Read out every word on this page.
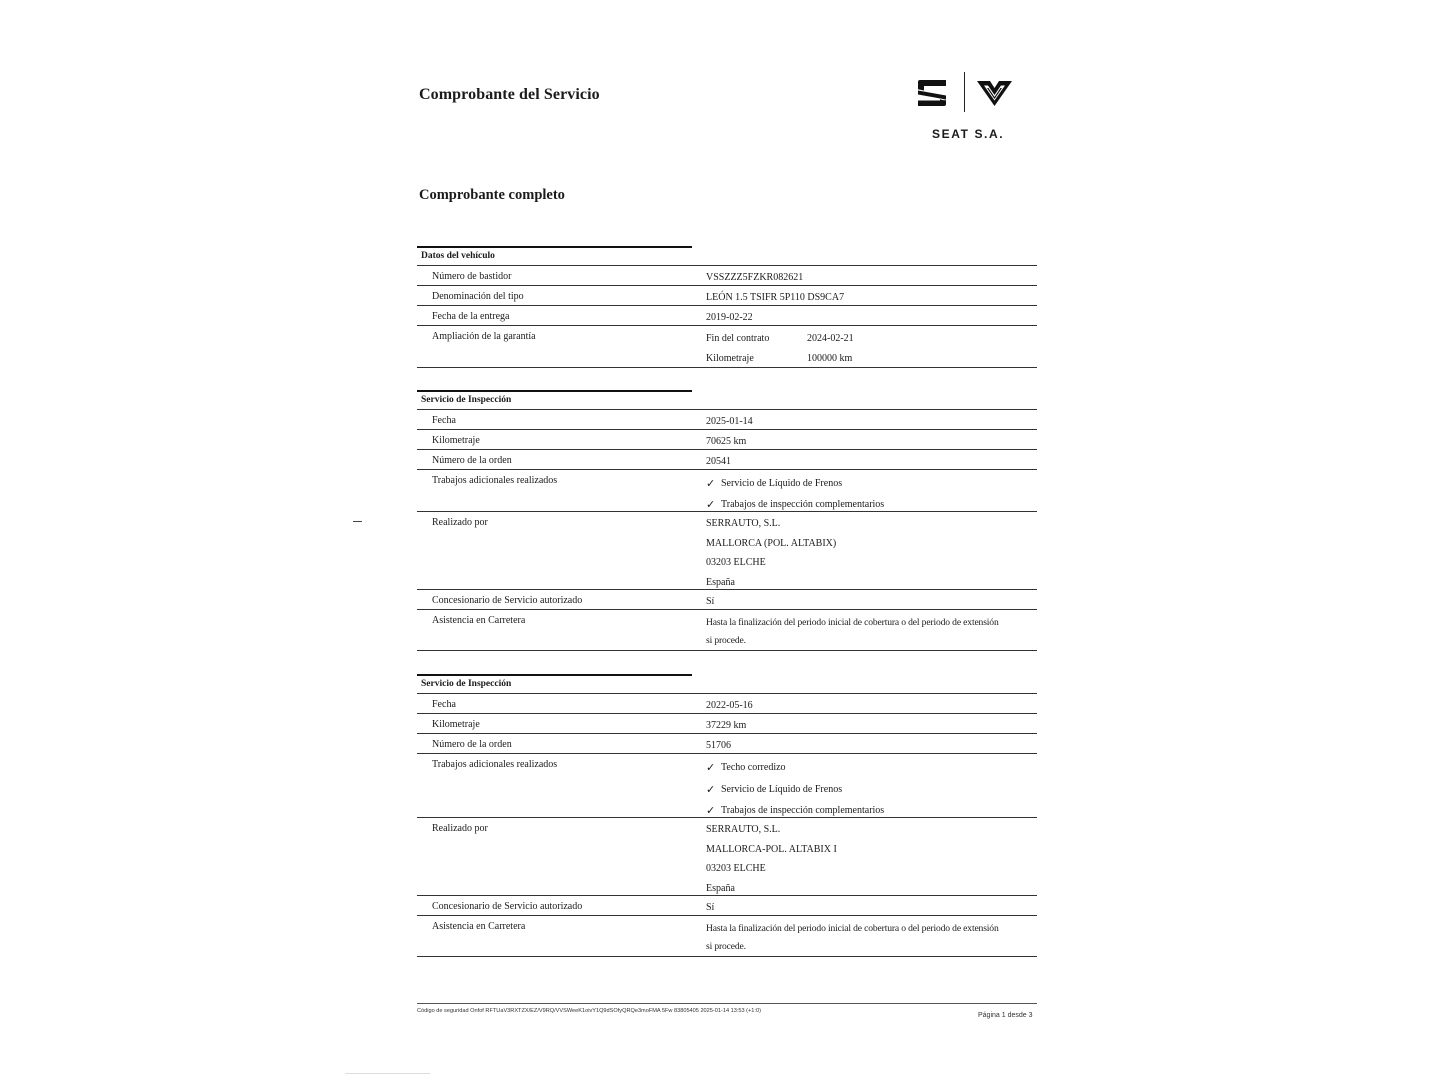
Comprobante del Servicio
SEAT S.A.
Comprobante completo
Datos del vehículo
Número de bastidor	VSSZZZ5FZKR082621
Denominación del tipo	LEÓN 1.5 TSIFR 5P110 DS9CA7
Fecha de la entrega	2019-02-22
Ampliación de la garantía	Fin del contrato	2024-02-21
Kilometraje	100000 km
Servicio de Inspección
Fecha	2025-01-14
Kilometraje	70625 km
Número de la orden	20541
Trabajos adicionales realizados	✓ Servicio de Líquido de Frenos
✓ Trabajos de inspección complementarios
Realizado por	SERRAUTO, S.L.
MALLORCA (POL. ALTABIX)
03203 ELCHE
España
Concesionario de Servicio autorizado	Sí
Asistencia en Carretera	Hasta la finalización del periodo inicial de cobertura o del periodo de extensión
si procede.
Servicio de Inspección
Fecha	2022-05-16
Kilometraje	37229 km
Número de la orden	51706
Trabajos adicionales realizados	✓ Techo corredizo
✓ Servicio de Líquido de Frenos
✓ Trabajos de inspección complementarios
Realizado por	SERRAUTO, S.L.
MALLORCA-POL. ALTABIX I
03203 ELCHE
España
Concesionario de Servicio autorizado	Sí
Asistencia en Carretera	Hasta la finalización del periodo inicial de cobertura o del periodo de extensión
si procede.
Código de seguridad Onfof RFTUaV3RXTZX/EZ/V9RQ/VVSWeeK1oivY1Q9dSOfyQRQe3moFMA 5Fw 83805405 2025-01-14 13:53 (+1:0)
Página 1 desde 3
